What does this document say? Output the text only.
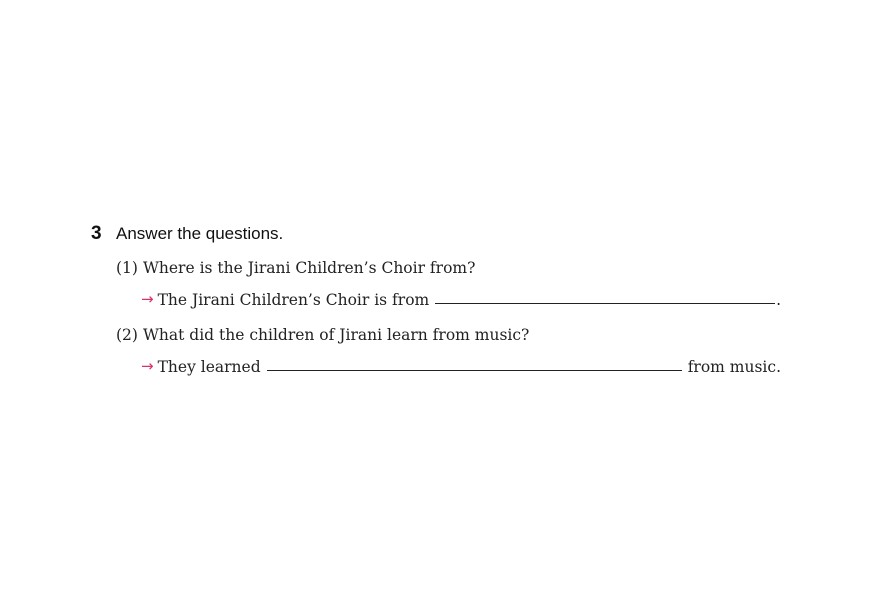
3 Answer the questions.
(1) Where is the Jirani Children’s Choir from?
→ The Jirani Children’s Choir is from	.
(2) What did the children of Jirani learn from music?
→ They learned	from music.
